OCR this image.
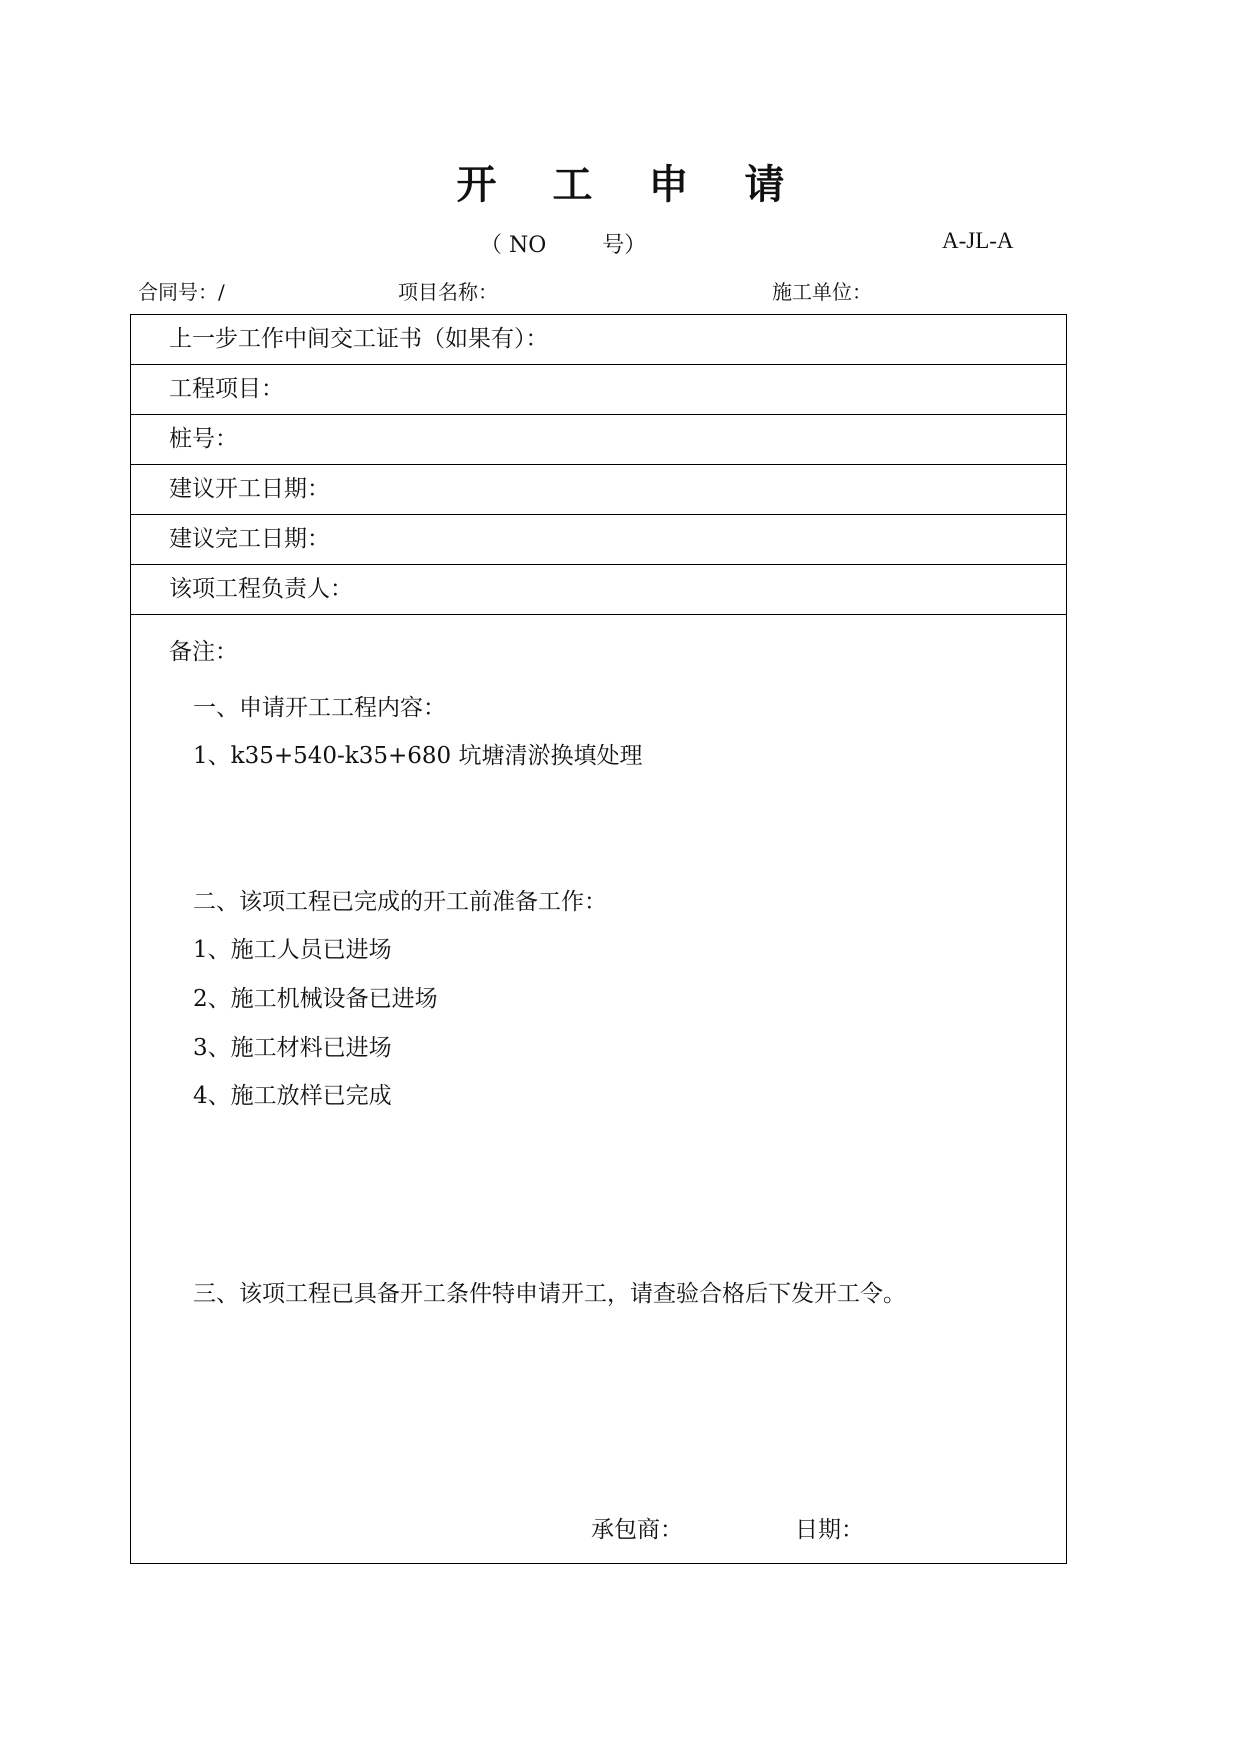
开工申请
（ NO        号）	A-JL-A
合同号：/	项目名称：	施工单位：
上一步工作中间交工证书（如果有）：
工程项目：
桩号：
建议开工日期：
建议完工日期：
该项工程负责人：
备注：
一、申请开工工程内容：
1、k35+540-k35+680 坑塘清淤换填处理
二、该项工程已完成的开工前准备工作：
1、施工人员已进场
2、施工机械设备已进场
3、施工材料已进场
4、施工放样已完成
三、该项工程已具备开工条件特申请开工，请查验合格后下发开工令。
承包商：	日期：
